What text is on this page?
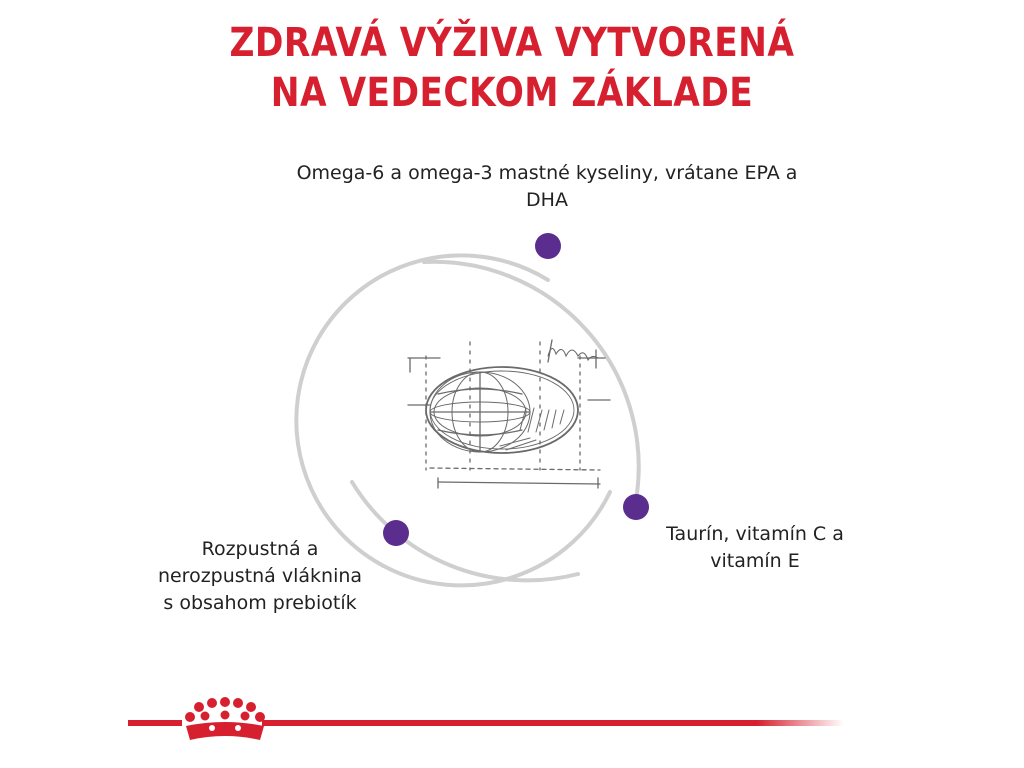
ZDRAVÁ VÝŽIVA VYTVORENÁ
NA VEDECKOM ZÁKLADE
Omega-6 a omega-3 mastné kyseliny, vrátane EPA a
DHA
Taurín, vitamín C a
vitamín E
Rozpustná a
nerozpustná vláknina
s obsahom prebiotík
